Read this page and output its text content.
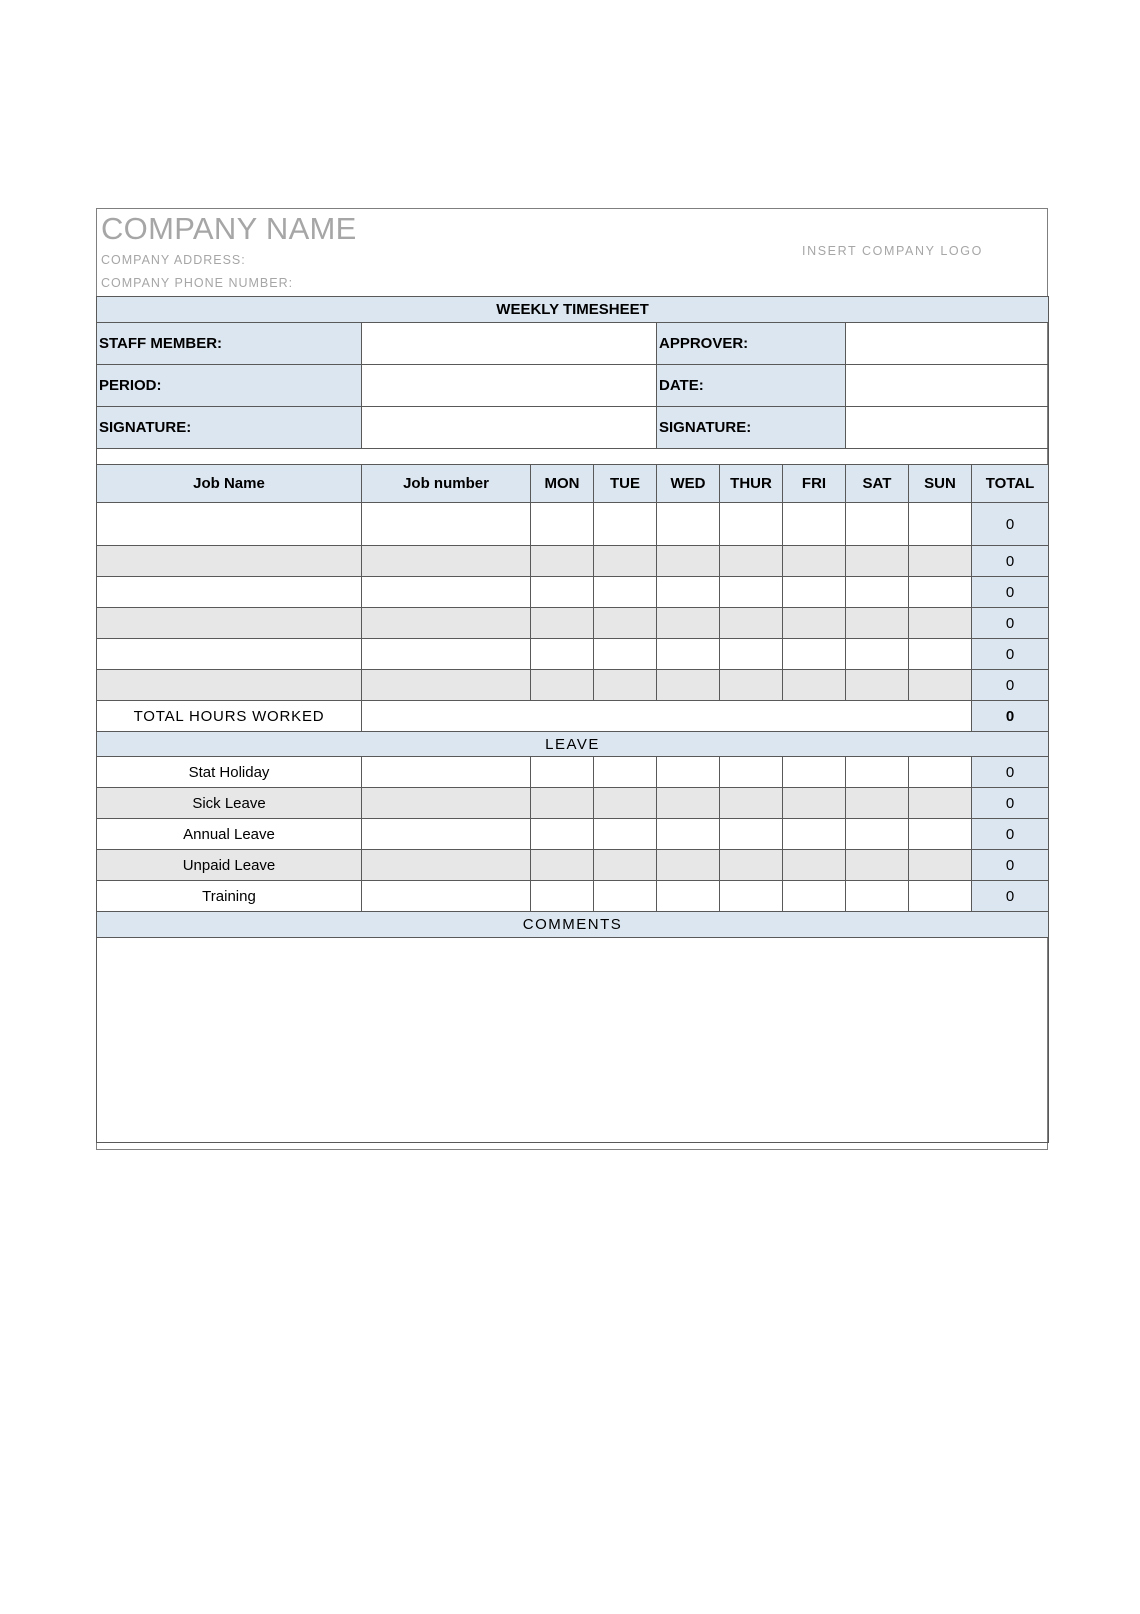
COMPANY NAME
COMPANY ADDRESS:
COMPANY PHONE NUMBER:
INSERT COMPANY LOGO
WEEKLY TIMESHEET									
STAFF MEMBER:				APPROVER:					
PERIOD:				DATE:					
SIGNATURE:				SIGNATURE:					

Job Name	Job number	MON	TUE	WED	THUR	FRI	SAT	SUN	TOTAL
									0
									0
									0
									0
									0
									0
TOTAL HOURS WORKED									0
LEAVE									
Stat Holiday									0
Sick Leave									0
Annual Leave									0
Unpaid Leave									0
Training									0
COMMENTS									
